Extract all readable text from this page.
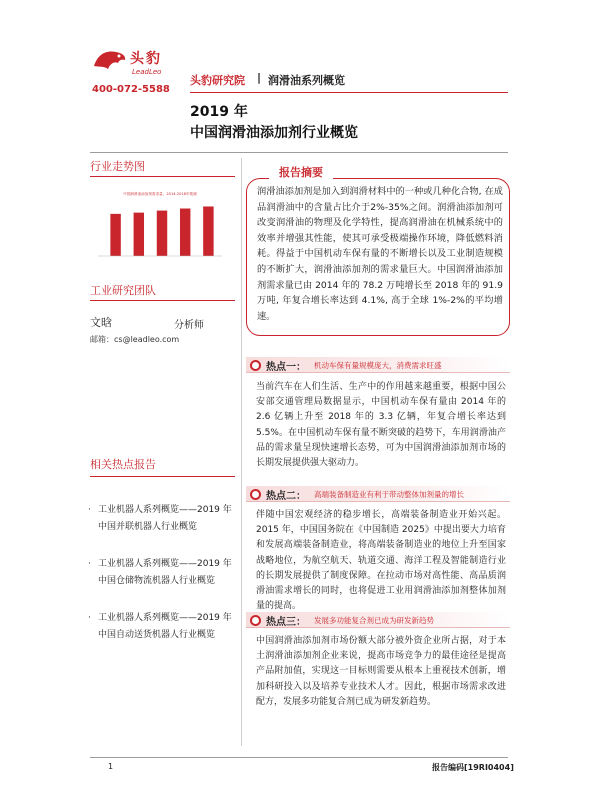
头豹
LeadLeo
400-072-5588
头豹研究院 | 润滑油系列概览
2019 年
中国润滑油添加剂行业概览
行业走势图
中国润滑油添加剂需求量，2014-2018年预测
工业研究团队
文晗	分析师
邮箱：cs@leadleo.com
相关热点报告
· 工业机器人系列概览——2019 年中国并联机器人行业概览
· 工业机器人系列概览——2019 年中国仓储物流机器人行业概览
· 工业机器人系列概览——2019 年中国自动送货机器人行业概览
报告摘要
润滑油添加剂是加入到润滑材料中的一种或几种化合物, 在成品润滑油中的含量占比介于2%-35%之间。润滑油添加剂可改变润滑油的物理及化学特性，提高润滑油在机械系统中的效率并增强其性能，使其可承受极端操作环境，降低燃料消耗。得益于中国机动车保有量的不断增长以及工业制造规模的不断扩大，润滑油添加剂的需求量巨大。中国润滑油添加剂需求量已由 2014 年的 78.2 万吨增长至 2018 年的 91.9 万吨, 年复合增长率达到 4.1%, 高于全球 1%-2%的平均增速。
热点一： 机动车保有量规模庞大，消费需求旺盛
当前汽车在人们生活、生产中的作用越来越重要，根据中国公安部交通管理局数据显示，中国机动车保有量由 2014 年的 2.6 亿辆上升至 2018 年的 3.3 亿辆，年复合增长率达到 5.5%。在中国机动车保有量不断突破的趋势下，车用润滑油产品的需求量呈现快速增长态势，可为中国润滑油添加剂市场的长期发展提供强大驱动力。
热点二： 高端装备制造业有利于带动整体加剂量的增长
伴随中国宏观经济的稳步增长，高端装备制造业开始兴起。2015 年，中国国务院在《中国制造 2025》中提出要大力培育和发展高端装备制造业，将高端装备制造业的地位上升至国家战略地位，为航空航天、轨道交通、海洋工程及智能制造行业的长期发展提供了制度保障。在拉动市场对高性能、高品质润滑油需求增长的同时，也将促进工业用润滑油添加剂整体加剂量的提高。
热点三： 发展多功能复合剂已成为研发新趋势
中国润滑油添加剂市场份额大部分被外资企业所占据，对于本土润滑油添加剂企业来说，提高市场竞争力的最佳途径是提高产品附加值，实现这一目标则需要从根本上重视技术创新，增加科研投入以及培养专业技术人才。因此，根据市场需求改进配方，发展多功能复合剂已成为研发新趋势。
1	报告编码[19RI0404]
